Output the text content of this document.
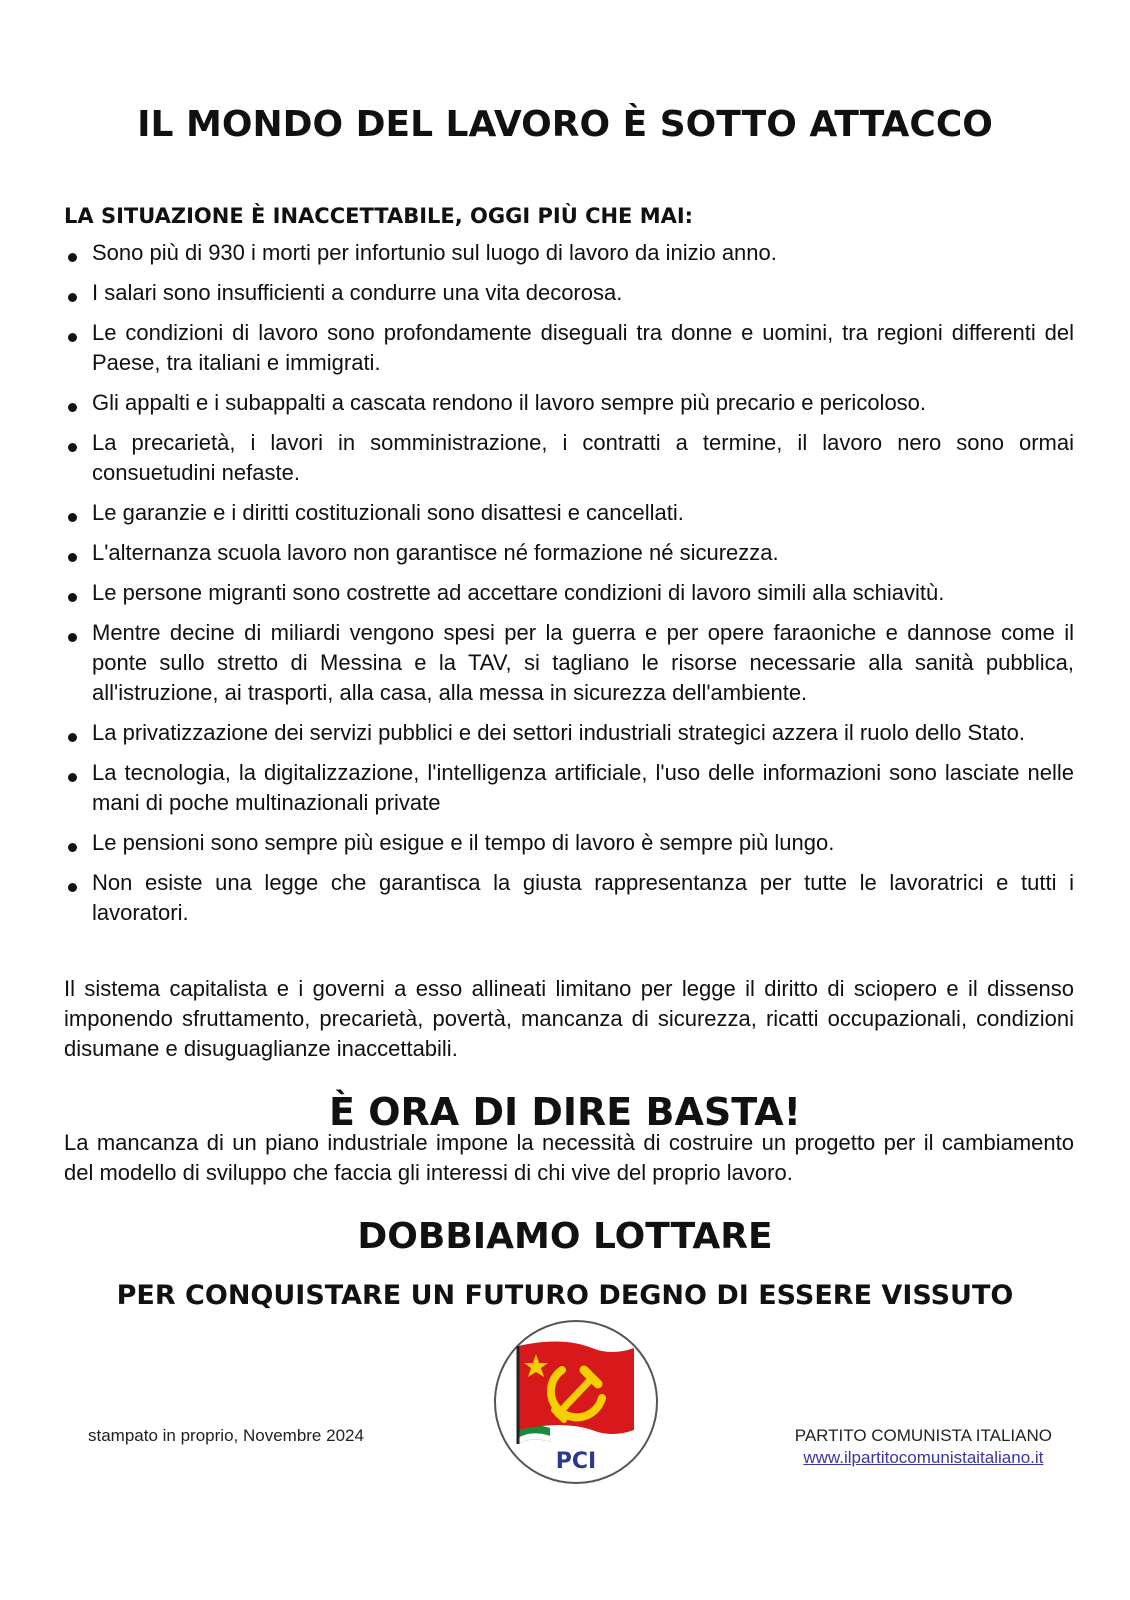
IL MONDO DEL LAVORO È SOTTO ATTACCO
LA SITUAZIONE È INACCETTABILE, OGGI PIÙ CHE MAI:
Sono più di 930 i morti per infortunio sul luogo di lavoro da inizio anno.
I salari sono insufficienti a condurre una vita decorosa.
Le condizioni di lavoro sono profondamente diseguali tra donne e uomini, tra regioni differenti del Paese, tra italiani e immigrati.
Gli appalti e i subappalti a cascata rendono il lavoro sempre più precario e pericoloso.
La precarietà, i lavori in somministrazione, i contratti a termine, il lavoro nero sono ormai consuetudini nefaste.
Le garanzie e i diritti costituzionali sono disattesi e cancellati.
L'alternanza scuola lavoro non garantisce né formazione né sicurezza.
Le persone migranti sono costrette ad accettare condizioni di lavoro simili alla schiavitù.
Mentre decine di miliardi vengono spesi per la guerra e per opere faraoniche e dannose come il ponte sullo stretto di Messina e la TAV, si tagliano le risorse necessarie alla sanità pubblica, all'istruzione, ai trasporti, alla casa, alla messa in sicurezza dell'ambiente.
La privatizzazione dei servizi pubblici e dei settori industriali strategici azzera il ruolo dello Stato.
La tecnologia, la digitalizzazione, l'intelligenza artificiale, l'uso delle informazioni sono lasciate nelle mani di poche multinazionali private
Le pensioni sono sempre più esigue e il tempo di lavoro è sempre più lungo.
Non esiste una legge che garantisca la giusta rappresentanza per tutte le lavoratrici e tutti i lavoratori.

Il sistema capitalista e i governi a esso allineati limitano per legge il diritto di sciopero e il dissenso imponendo sfruttamento, precarietà, povertà, mancanza di sicurezza, ricatti occupazionali, condizioni disumane e disuguaglianze inaccettabili.

È ORA DI DIRE BASTA!

La mancanza di un piano industriale impone la necessità di costruire un progetto per il cambiamento del modello di sviluppo che faccia gli interessi di chi vive del proprio lavoro.

DOBBIAMO LOTTARE
PER CONQUISTARE UN FUTURO DEGNO DI ESSERE VISSUTO
stampato in proprio, Novembre 2024	PARTITO COMUNISTA ITALIANO
www.ilpartitocomunistaitaliano.it
PCI
